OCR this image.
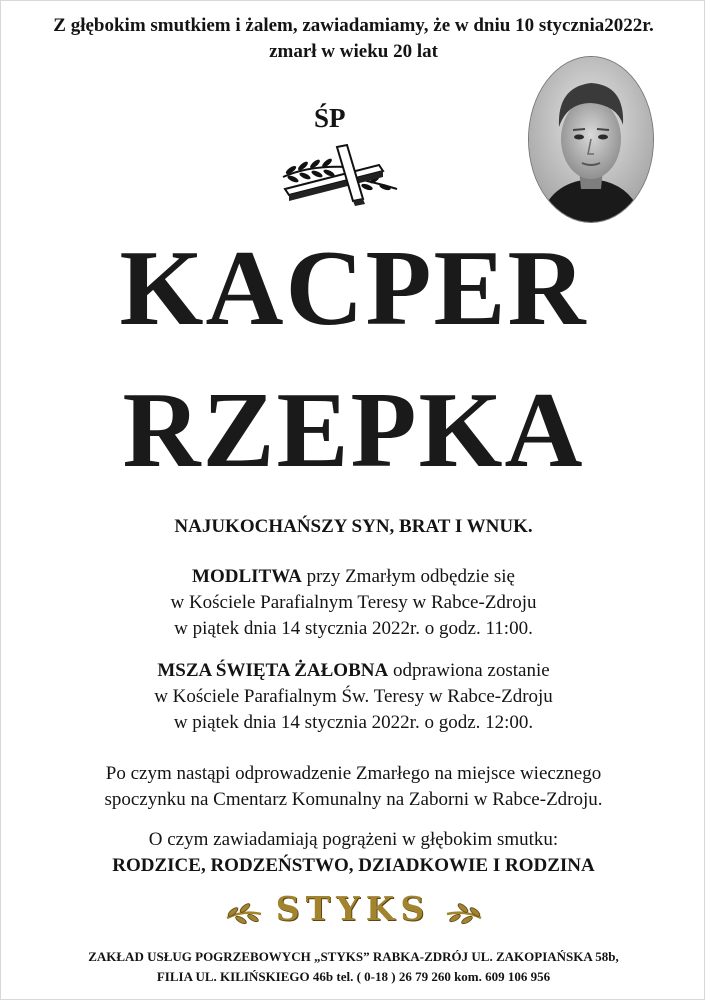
Z głębokim smutkiem i żalem, zawiadamiamy, że w dniu 10 stycznia2022r.
zmarł w wieku 20 lat
ŚP
KACPER
RZEPKA
NAJUKOCHAŃSZY SYN, BRAT I WNUK.
MODLITWA przy Zmarłym odbędzie się
w Kościele Parafialnym Teresy w Rabce-Zdroju
w piątek dnia 14 stycznia 2022r. o godz. 11:00.
MSZA ŚWIĘTA ŻAŁOBNA odprawiona zostanie
w Kościele Parafialnym Św. Teresy w Rabce-Zdroju
w piątek dnia 14 stycznia 2022r. o godz. 12:00.
Po czym nastąpi odprowadzenie Zmarłego na miejsce wiecznego
spoczynku na Cmentarz Komunalny na Zaborni w Rabce-Zdroju.
O czym zawiadamiają pogrążeni w głębokim smutku:
RODZICE, RODZEŃSTWO, DZIADKOWIE I RODZINA
STYKS
ZAKŁAD USŁUG POGRZEBOWYCH „STYKS” RABKA-ZDRÓJ UL. ZAKOPIAŃSKA 58b,
FILIA UL. KILIŃSKIEGO 46b tel. ( 0-18 ) 26 79 260 kom. 609 106 956
